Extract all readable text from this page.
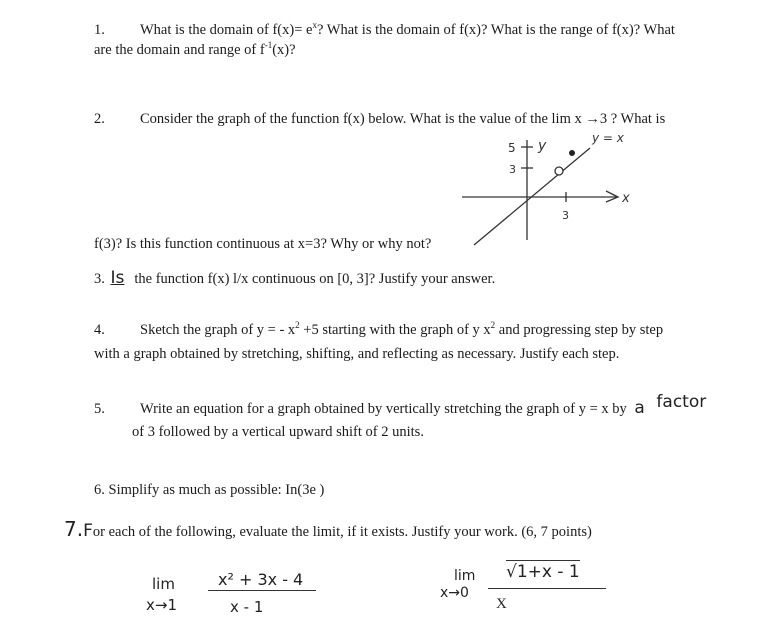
1. What is the domain of $f(x)= e^x$? What is the domain of f(x)? What is the range of f(x)? What
are the domain and range of $f^{-1}(x)$?
2. Consider the graph of the function f(x) below. What is the value of the lim x →3 ? What is
5
3
y	y = x
x
3
f(3)? Is this function continuous at x=3? Why or why not?
3. Is the function f(x) l/x continuous on [0, 3]? Justify your answer.
4. Sketch the graph of y = - $x^2 +5$ starting with the graph of y $x^2$ and progressing step by step
with a graph obtained by stretching, shifting, and reflecting as necessary. Justify each step.
5. Write an equation for a graph obtained by vertically stretching the graph of y = x by a factor
of 3 followed by a vertical upward shift of 2 units.
6. Simplify as much as possible: In(3e )
7.For each of the following, evaluate the limit, if it exists. Justify your work. (6, 7 points)
lim
x→1
x² + 3x - 4
x - 1
lim
x→0
√1+x - 1
X
